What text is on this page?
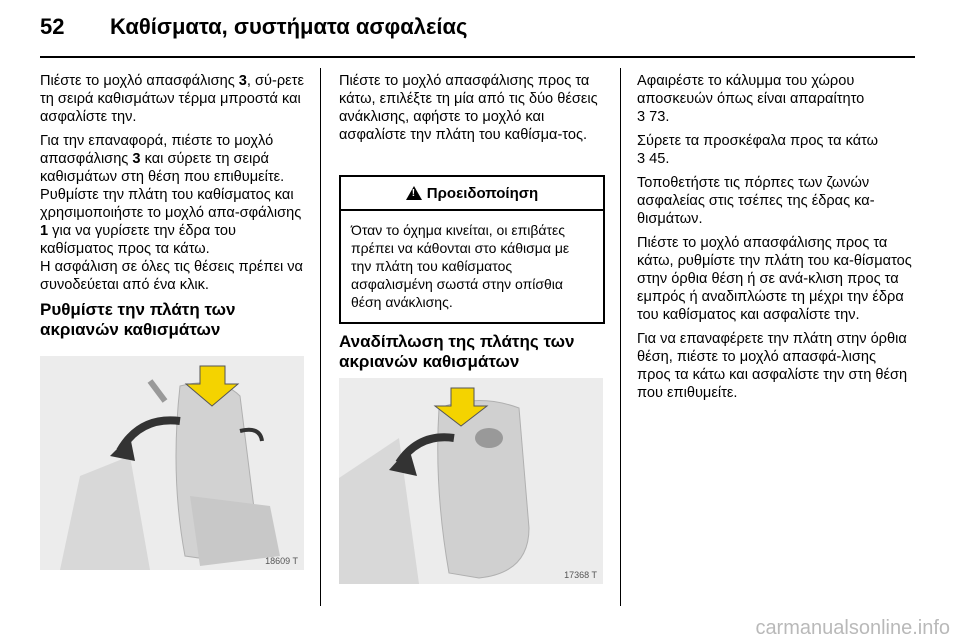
52 Καθίσματα, συστήματα ασφαλείας

Πιέστε το μοχλό απασφάλισης 3, σύ-ρετε τη σειρά καθισμάτων τέρμα μπροστά και ασφαλίστε την.

Για την επαναφορά, πιέστε το μοχλό απασφάλισης 3 και σύρετε τη σειρά καθισμάτων στη θέση που επιθυμείτε.
Ρυθμίστε την πλάτη του καθίσματος και χρησιμοποιήστε το μοχλό απα-σφάλισης 1 για να γυρίσετε την έδρα του καθίσματος προς τα κάτω.
Η ασφάλιση σε όλες τις θέσεις πρέπει να συνοδεύεται από ένα κλικ.

Ρυθμίστε την πλάτη των ακριανών καθισμάτων
18609 T

Πιέστε το μοχλό απασφάλισης προς τα κάτω, επιλέξτε τη μία από τις δύο θέσεις ανάκλισης, αφήστε το μοχλό και ασφαλίστε την πλάτη του καθίσμα-τος.

!
Προειδοποίηση
Όταν το όχημα κινείται, οι επιβάτες πρέπει να κάθονται στο κάθισμα με την πλάτη του καθίσματος ασφαλισμένη σωστά στην οπίσθια θέση ανάκλισης.
Αναδίπλωση της πλάτης των ακριανών καθισμάτων
17368 T

Αφαιρέστε το κάλυμμα του χώρου αποσκευών όπως είναι απαραίτητο
3 73.

Σύρετε τα προσκέφαλα προς τα κάτω
3 45.

Τοποθετήστε τις πόρπες των ζωνών ασφαλείας στις τσέπες της έδρας κα-θισμάτων.

Πιέστε το μοχλό απασφάλισης προς τα κάτω, ρυθμίστε την πλάτη του κα-θίσματος στην όρθια θέση ή σε ανά-κλιση προς τα εμπρός ή αναδιπλώστε τη μέχρι την έδρα του καθίσματος και ασφαλίστε την.

Για να επαναφέρετε την πλάτη στην όρθια θέση, πιέστε το μοχλό απασφά-λισης προς τα κάτω και ασφαλίστε την στη θέση που επιθυμείτε.

carmanualsonline.info
